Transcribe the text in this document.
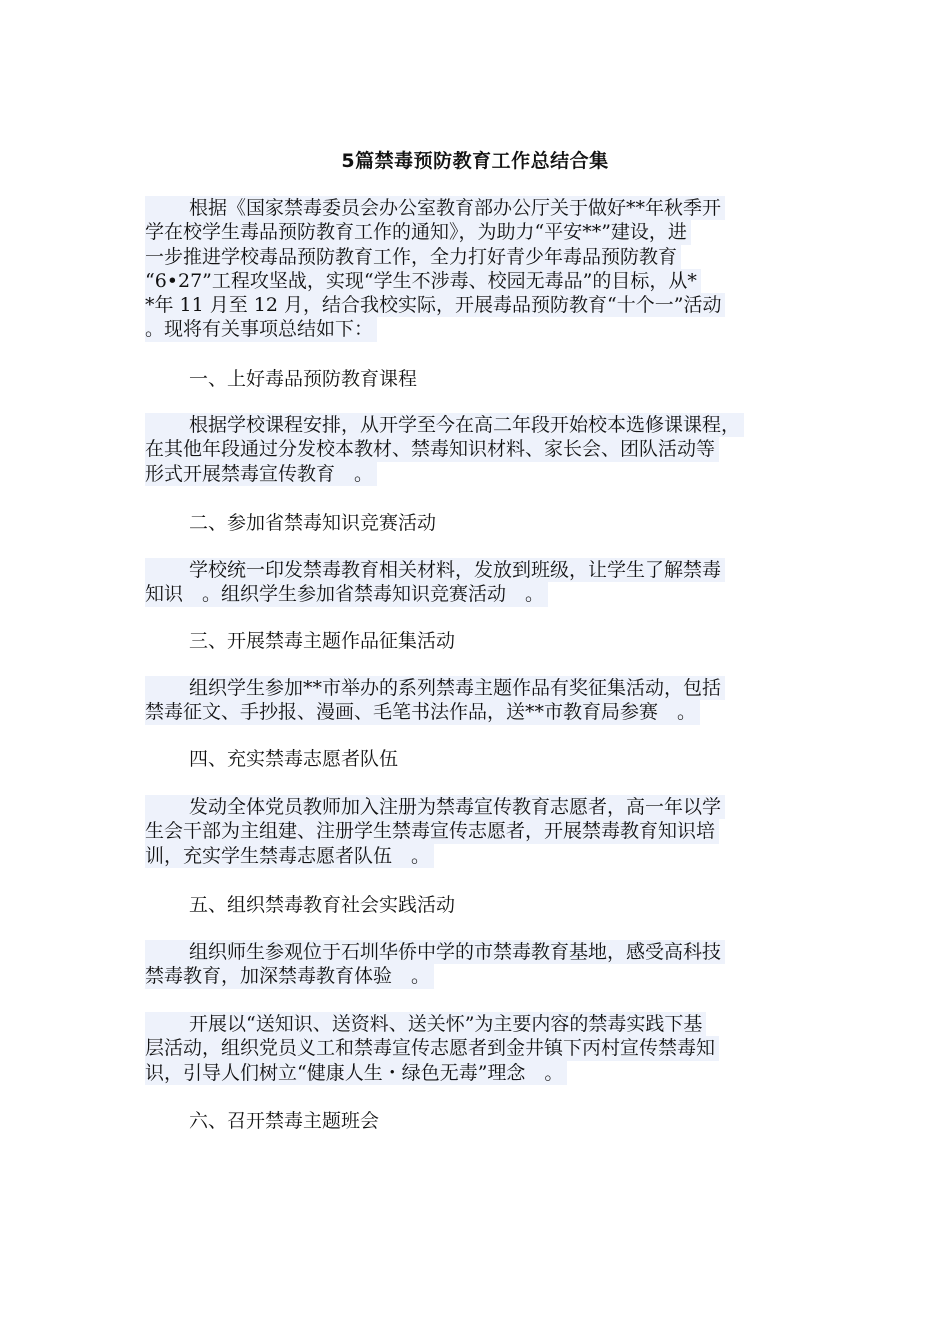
5篇禁毒预防教育工作总结合集
根据《国家禁毒委员会办公室教育部办公厅关于做好**年秋季开
学在校学生毒品预防教育工作的通知》，为助力“平安**”建设，进
一步推进学校毒品预防教育工作，全力打好青少年毒品预防教育
“6•27”工程攻坚战，实现“学生不涉毒、校园无毒品”的目标，从*
*年 11 月至 12 月，结合我校实际，开展毒品预防教育“十个一”活动
。现将有关事项总结如下：
一、上好毒品预防教育课程
根据学校课程安排，从开学至今在高二年段开始校本选修课课程，
在其他年段通过分发校本教材、禁毒知识材料、家长会、团队活动等
形式开展禁毒宣传教育　。
二、参加省禁毒知识竞赛活动
学校统一印发禁毒教育相关材料，发放到班级，让学生了解禁毒
知识　。组织学生参加省禁毒知识竞赛活动　。
三、开展禁毒主题作品征集活动
组织学生参加**市举办的系列禁毒主题作品有奖征集活动，包括
禁毒征文、手抄报、漫画、毛笔书法作品，送**市教育局参赛　。
四、充实禁毒志愿者队伍
发动全体党员教师加入注册为禁毒宣传教育志愿者，高一年以学
生会干部为主组建、注册学生禁毒宣传志愿者，开展禁毒教育知识培
训，充实学生禁毒志愿者队伍　。
五、组织禁毒教育社会实践活动
组织师生参观位于石圳华侨中学的市禁毒教育基地，感受高科技
禁毒教育，加深禁毒教育体验　。
开展以“送知识、送资料、送关怀”为主要内容的禁毒实践下基
层活动，组织党员义工和禁毒宣传志愿者到金井镇下丙村宣传禁毒知
识，引导人们树立“健康人生・绿色无毒”理念　。
六、召开禁毒主题班会
